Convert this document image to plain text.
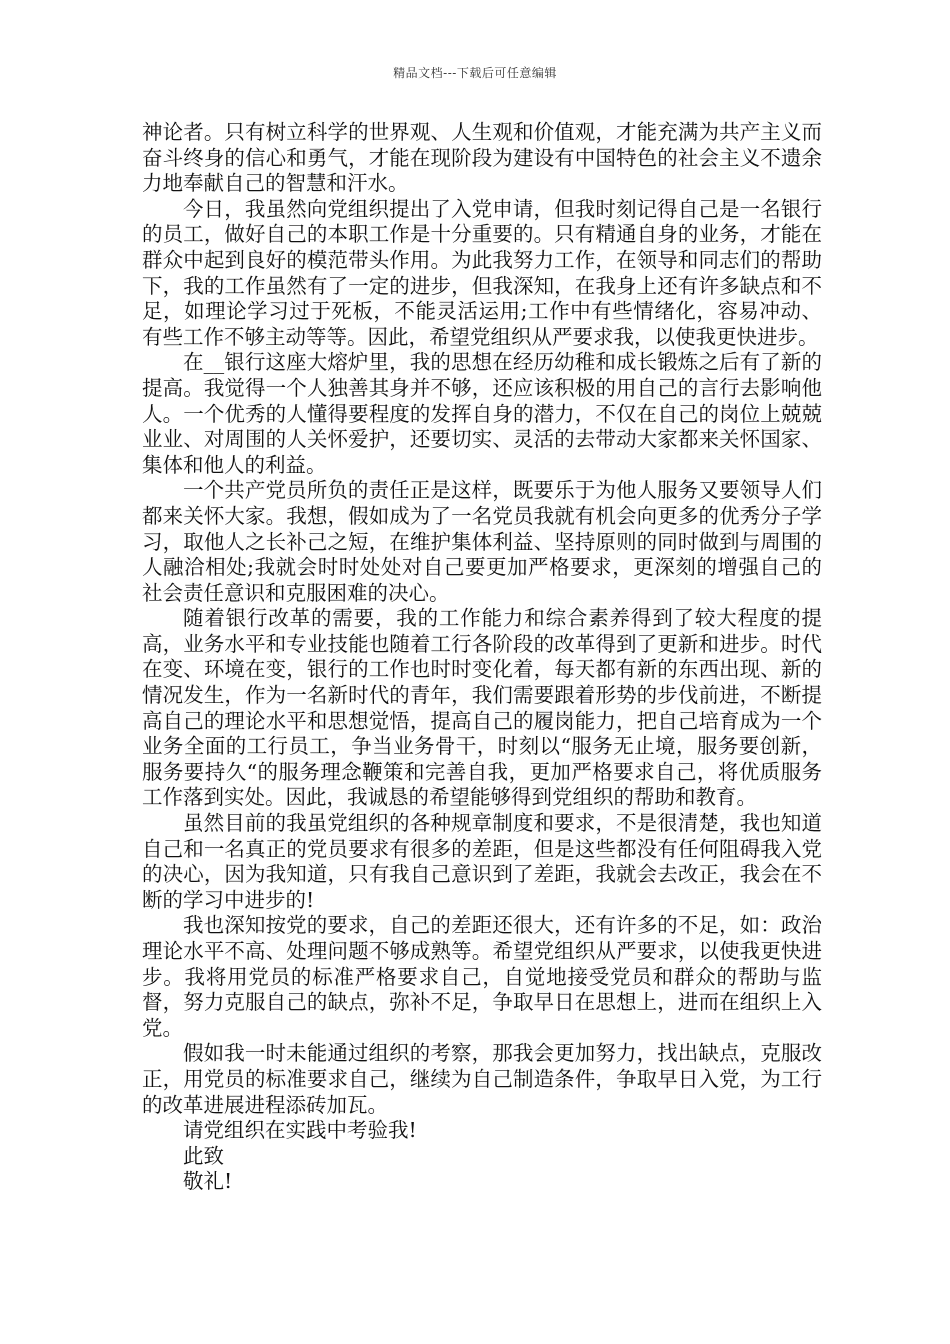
精品文档---下载后可任意编辑

神论者。只有树立科学的世界观、人生观和价值观，才能充满为共产主义而奋斗终身的信心和勇气，才能在现阶段为建设有中国特色的社会主义不遗余力地奉献自己的智慧和汗水。

今日，我虽然向党组织提出了入党申请，但我时刻记得自己是一名银行的员工，做好自己的本职工作是十分重要的。只有精通自身的业务，才能在群众中起到良好的模范带头作用。为此我努力工作，在领导和同志们的帮助下，我的工作虽然有了一定的进步，但我深知，在我身上还有许多缺点和不足，如理论学习过于死板，不能灵活运用;工作中有些情绪化，容易冲动、有些工作不够主动等等。因此，希望党组织从严要求我，以使我更快进步。

在__银行这座大熔炉里，我的思想在经历幼稚和成长锻炼之后有了新的提高。我觉得一个人独善其身并不够，还应该积极的用自己的言行去影响他人。一个优秀的人懂得要程度的发挥自身的潜力，不仅在自己的岗位上兢兢业业、对周围的人关怀爱护，还要切实、灵活的去带动大家都来关怀国家、集体和他人的利益。

一个共产党员所负的责任正是这样，既要乐于为他人服务又要领导人们都来关怀大家。我想，假如成为了一名党员我就有机会向更多的优秀分子学习，取他人之长补己之短，在维护集体利益、坚持原则的同时做到与周围的人融洽相处;我就会时时处处对自己要更加严格要求，更深刻的增强自己的社会责任意识和克服困难的决心。

随着银行改革的需要，我的工作能力和综合素养得到了较大程度的提高，业务水平和专业技能也随着工行各阶段的改革得到了更新和进步。时代在变、环境在变，银行的工作也时时变化着，每天都有新的东西出现、新的情况发生，作为一名新时代的青年，我们需要跟着形势的步伐前进，不断提高自己的理论水平和思想觉悟，提高自己的履岗能力，把自己培育成为一个业务全面的工行员工，争当业务骨干，时刻以“服务无止境，服务要创新，服务要持久“的服务理念鞭策和完善自我，更加严格要求自己，将优质服务工作落到实处。因此，我诚恳的希望能够得到党组织的帮助和教育。

虽然目前的我虽党组织的各种规章制度和要求，不是很清楚，我也知道自己和一名真正的党员要求有很多的差距，但是这些都没有任何阻碍我入党的决心，因为我知道，只有我自己意识到了差距，我就会去改正，我会在不断的学习中进步的!

我也深知按党的要求，自己的差距还很大，还有许多的不足，如：政治理论水平不高、处理问题不够成熟等。希望党组织从严要求，以使我更快进步。我将用党员的标准严格要求自己，自觉地接受党员和群众的帮助与监督，努力克服自己的缺点，弥补不足，争取早日在思想上，进而在组织上入党。

假如我一时未能通过组织的考察，那我会更加努力，找出缺点，克服改正，用党员的标准要求自己，继续为自己制造条件，争取早日入党，为工行的改革进展进程添砖加瓦。

请党组织在实践中考验我!

此致

敬礼!
